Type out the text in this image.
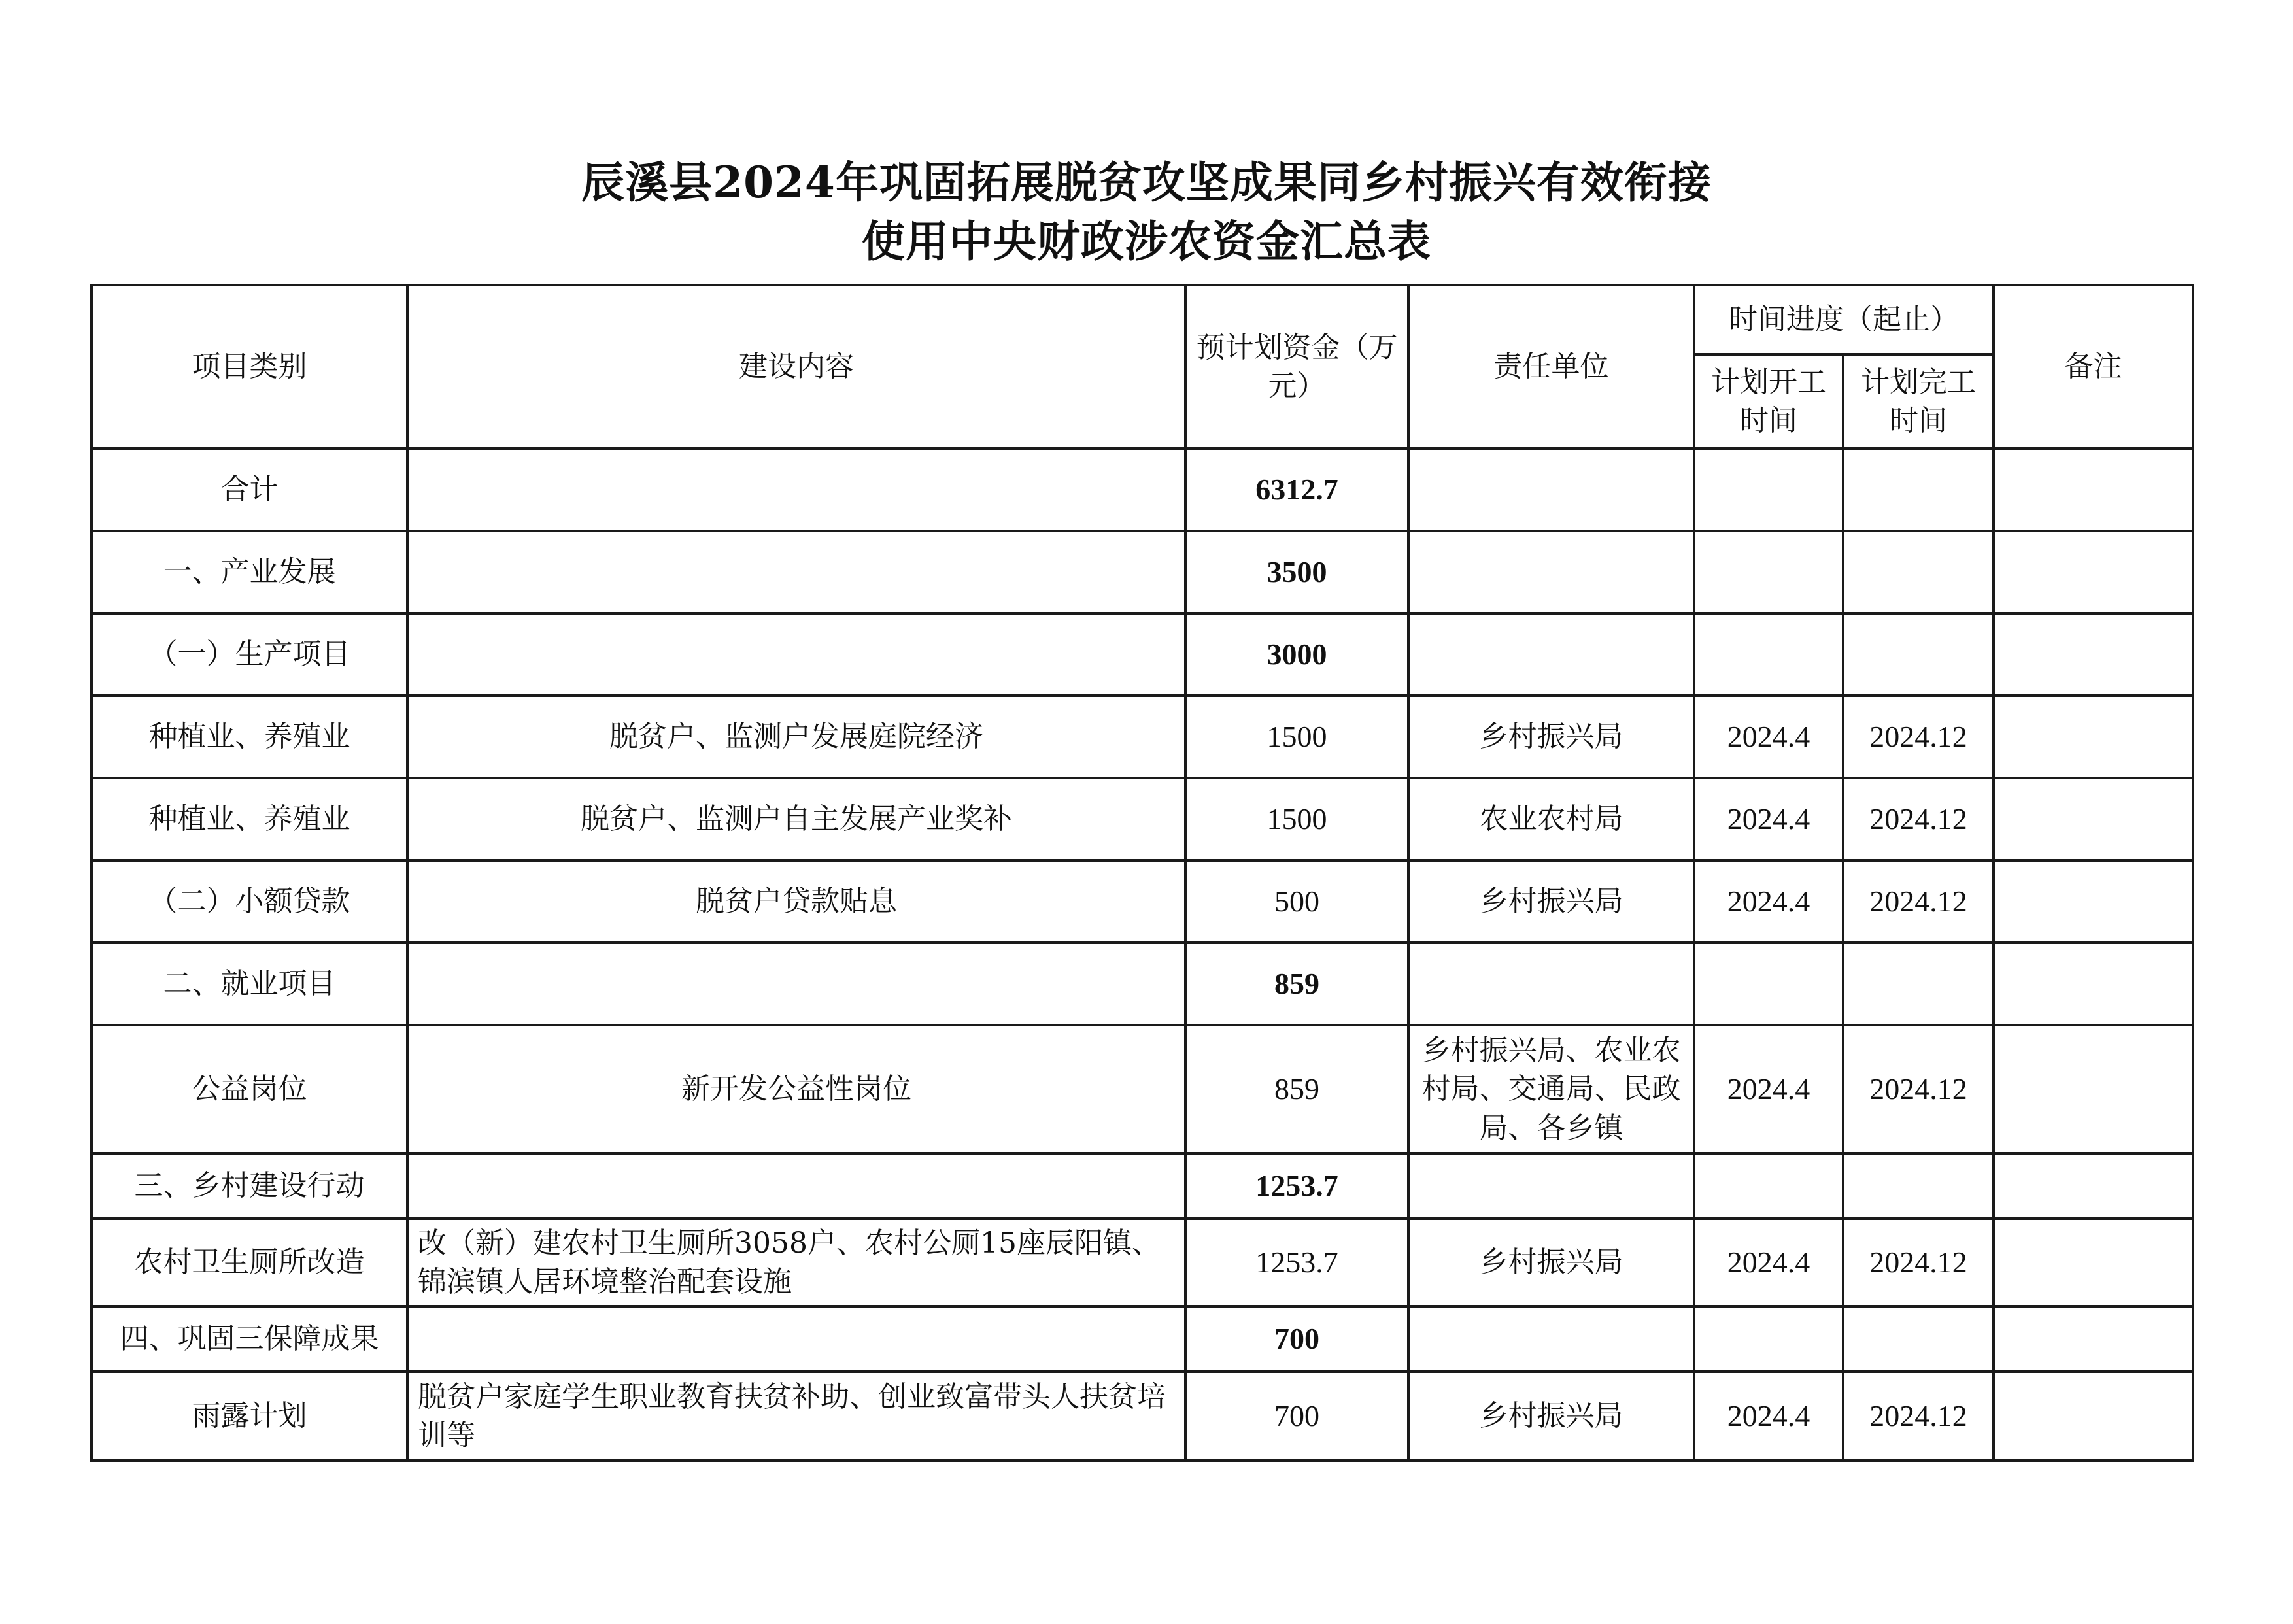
辰溪县2024年巩固拓展脱贫攻坚成果同乡村振兴有效衔接
使用中央财政涉农资金汇总表
项目类别	建设内容	预计划资金（万元）	责任单位	时间进度（起止）		备注
				计划开工时间	计划完工时间	
合计		6312.7				
一、产业发展		3500				
（一）生产项目		3000				
种植业、养殖业	脱贫户、监测户发展庭院经济	1500	乡村振兴局	2024.4	2024.12	
种植业、养殖业	脱贫户、监测户自主发展产业奖补	1500	农业农村局	2024.4	2024.12	
（二）小额贷款	脱贫户贷款贴息	500	乡村振兴局	2024.4	2024.12	
二、就业项目		859				
公益岗位	新开发公益性岗位	859	乡村振兴局、农业农村局、交通局、民政局、各乡镇	2024.4	2024.12	
三、乡村建设行动		1253.7				
农村卫生厕所改造	改（新）建农村卫生厕所3058户、农村公厕15座辰阳镇、锦滨镇人居环境整治配套设施	1253.7	乡村振兴局	2024.4	2024.12	
四、巩固三保障成果		700				
雨露计划	脱贫户家庭学生职业教育扶贫补助、创业致富带头人扶贫培训等	700	乡村振兴局	2024.4	2024.12	
